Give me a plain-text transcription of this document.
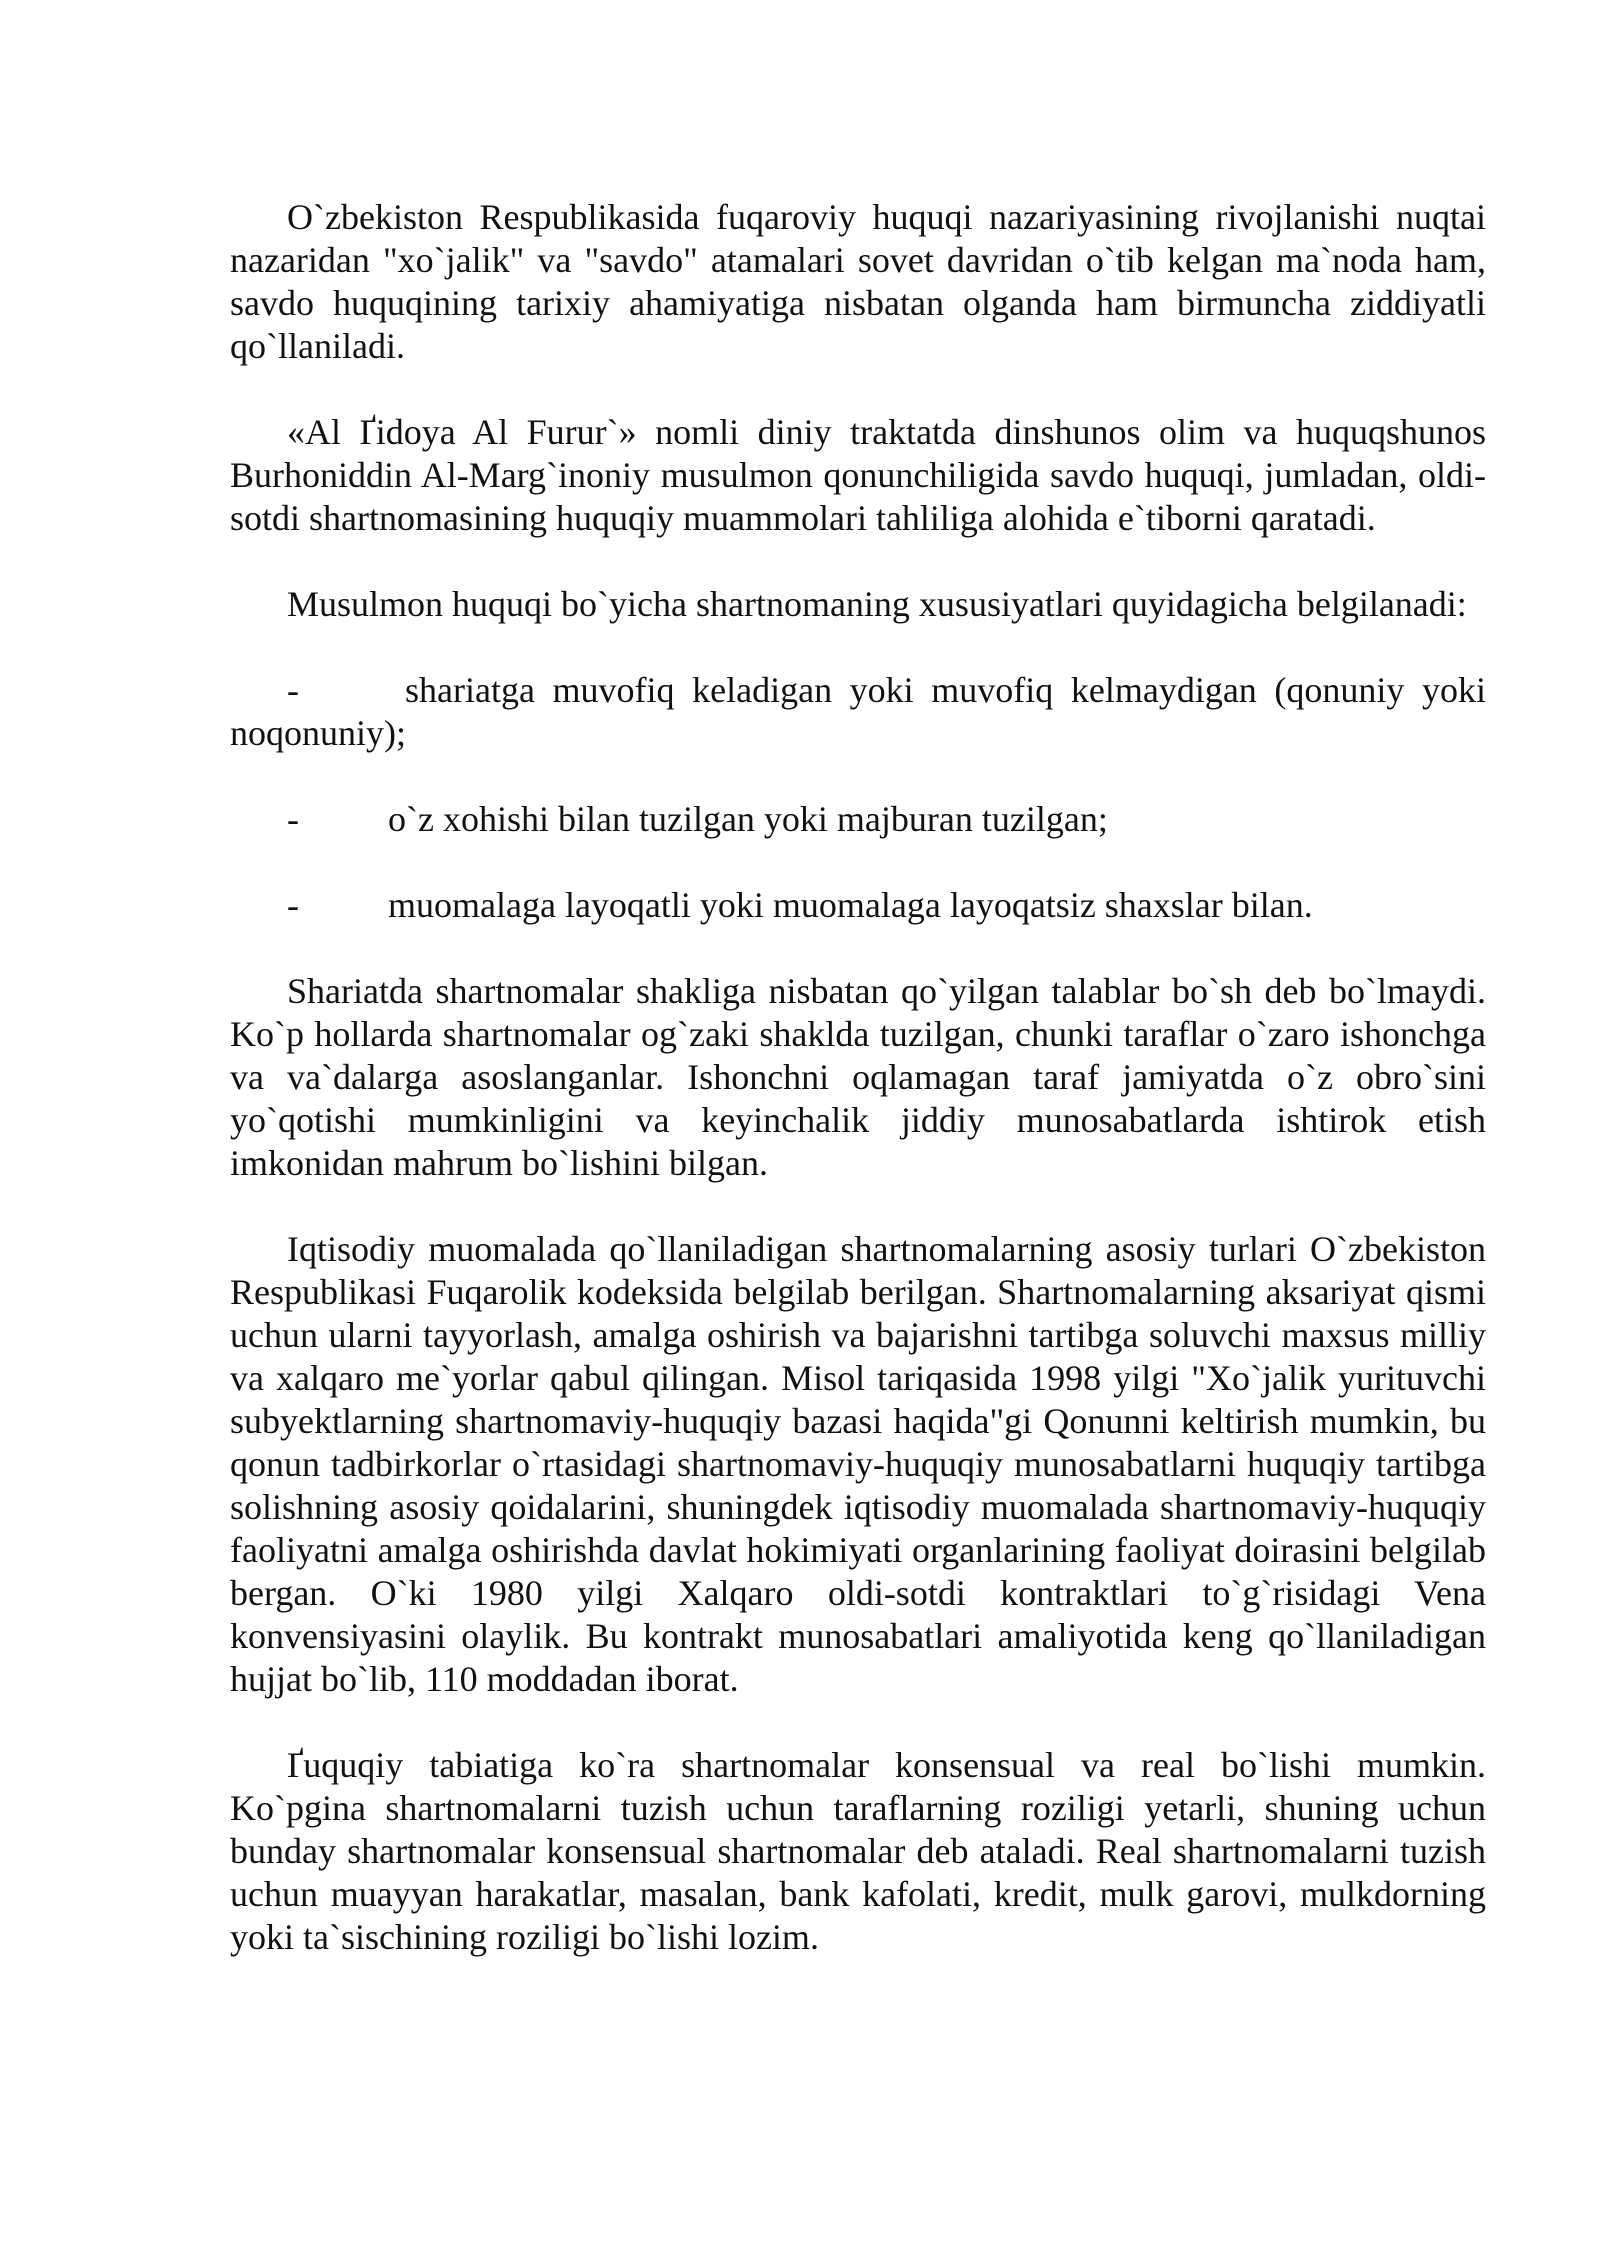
O`zbekiston Respublikasida fuqaroviy huquqi nazariyasining rivojlanishi nuqtai nazaridan "xo`jalik" va "savdo" atamalari sovet davridan o`tib kelgan ma`noda ham, savdo huquqining tarixiy ahamiyatiga nisbatan olganda ham birmuncha ziddiyatli qo`llaniladi.

«Al Ґidoya Al Furur`» nomli diniy traktatda dinshunos olim va huquqshunos Burhoniddin Al-Marg`inoniy musulmon qonunchiligida savdo huquqi, jumladan, oldi-sotdi shartnomasining huquqiy muammolari tahliliga alohida e`tiborni qaratadi.

Musulmon huquqi bo`yicha shartnomaning xususiyatlari quyidagicha belgilanadi:

-	shariatga muvofiq keladigan yoki muvofiq kelmaydigan (qonuniy yoki noqonuniy);
- o`z xohishi bilan tuzilgan yoki majburan tuzilgan;
- muomalaga layoqatli yoki muomalaga layoqatsiz shaxslar bilan.

Shariatda shartnomalar shakliga nisbatan qo`yilgan talablar bo`sh deb bo`lmaydi. Ko`p hollarda shartnomalar og`zaki shaklda tuzilgan, chunki taraflar o`zaro ishonchga va va`dalarga asoslanganlar. Ishonchni oqlamagan taraf jamiyatda o`z obro`sini yo`qotishi mumkinligini va keyinchalik jiddiy munosabatlarda ishtirok etish imkonidan mahrum bo`lishini bilgan.

Iqtisodiy muomalada qo`llaniladigan shartnomalarning asosiy turlari O`zbekiston Respublikasi Fuqarolik kodeksida belgilab berilgan. Shartnomalarning aksariyat qismi uchun ularni tayyorlash, amalga oshirish va bajarishni tartibga soluvchi maxsus milliy va xalqaro me`yorlar qabul qilingan. Misol tariqasida 1998 yilgi "Xo`jalik yurituvchi subyektlarning shartnomaviy-huquqiy bazasi haqida"gi Qonunni keltirish mumkin, bu qonun tadbirkorlar o`rtasidagi shartnomaviy-huquqiy munosabatlarni huquqiy tartibga solishning asosiy qoidalarini, shuningdek iqtisodiy muomalada shartnomaviy-huquqiy faoliyatni amalga oshirishda davlat hokimiyati organlarining faoliyat doirasini belgilab bergan. O`ki 1980 yilgi Xalqaro oldi-sotdi kontraktlari to`g`risidagi Vena konvensiyasini olaylik. Bu kontrakt munosabatlari amaliyotida keng qo`llaniladigan hujjat bo`lib, 110 moddadan iborat.

Ґuquqiy tabiatiga ko`ra shartnomalar konsensual va real bo`lishi mumkin. Ko`pgina shartnomalarni tuzish uchun taraflarning roziligi yetarli, shuning uchun bunday shartnomalar konsensual shartnomalar deb ataladi. Real shartnomalarni tuzish uchun muayyan harakatlar, masalan, bank kafolati, kredit, mulk garovi, mulkdorning yoki ta`sischining roziligi bo`lishi lozim.
